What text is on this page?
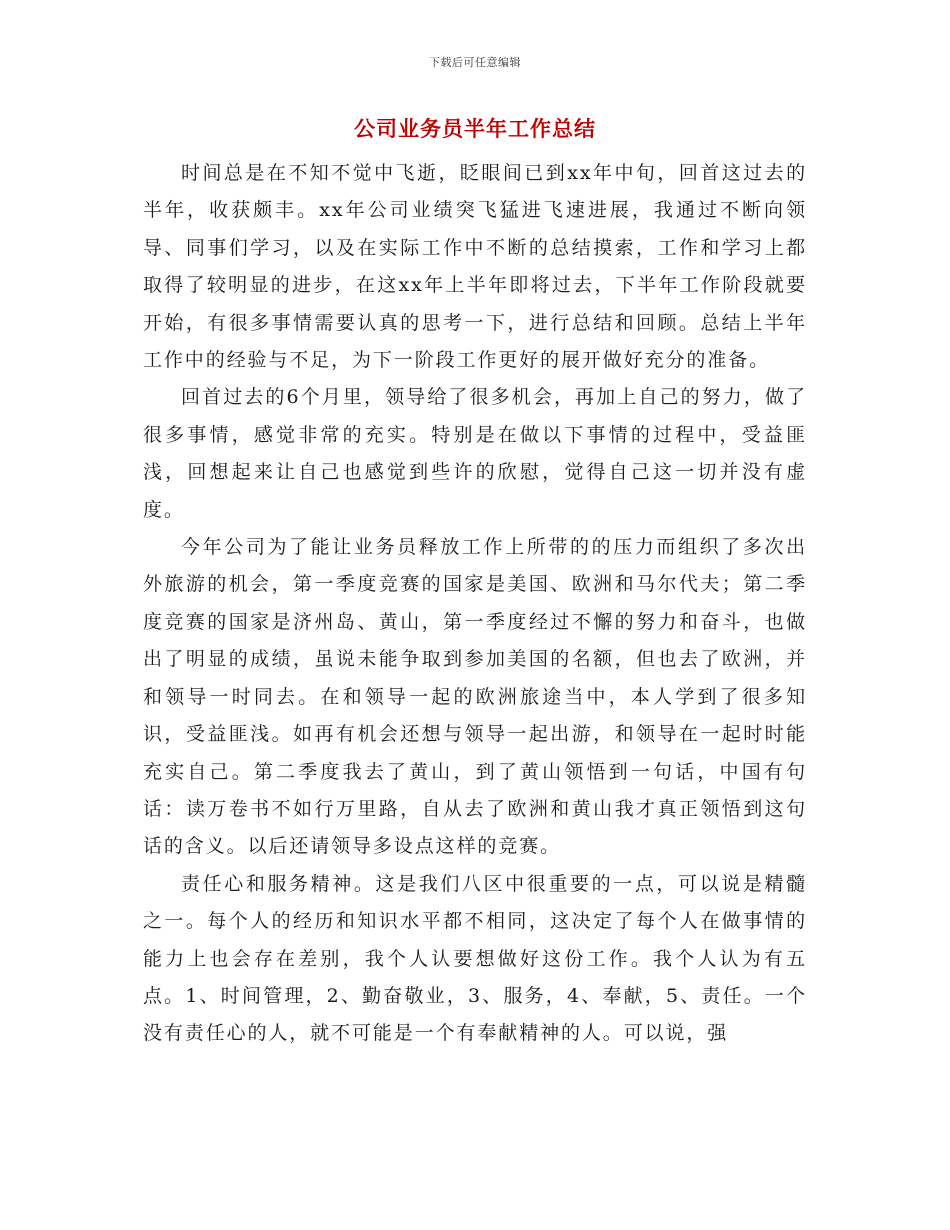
下载后可任意编辑
公司业务员半年工作总结

时间总是在不知不觉中飞逝，眨眼间已到xx年中旬，回首这过去的半年，收获颇丰。xx年公司业绩突飞猛进飞速进展，我通过不断向领导、同事们学习，以及在实际工作中不断的总结摸索，工作和学习上都取得了较明显的进步，在这xx年上半年即将过去，下半年工作阶段就要开始，有很多事情需要认真的思考一下，进行总结和回顾。总结上半年工作中的经验与不足，为下一阶段工作更好的展开做好充分的准备。

回首过去的6个月里，领导给了很多机会，再加上自己的努力，做了很多事情，感觉非常的充实。特别是在做以下事情的过程中，受益匪浅，回想起来让自己也感觉到些许的欣慰，觉得自己这一切并没有虚度。

今年公司为了能让业务员释放工作上所带的的压力而组织了多次出外旅游的机会，第一季度竞赛的国家是美国、欧洲和马尔代夫；第二季度竞赛的国家是济州岛、黄山，第一季度经过不懈的努力和奋斗，也做出了明显的成绩，虽说未能争取到参加美国的名额，但也去了欧洲，并和领导一时同去。在和领导一起的欧洲旅途当中，本人学到了很多知识，受益匪浅。如再有机会还想与领导一起出游，和领导在一起时时能充实自己。第二季度我去了黄山，到了黄山领悟到一句话，中国有句话：读万卷书不如行万里路，自从去了欧洲和黄山我才真正领悟到这句话的含义。以后还请领导多设点这样的竞赛。

责任心和服务精神。这是我们八区中很重要的一点，可以说是精髓之一。每个人的经历和知识水平都不相同，这决定了每个人在做事情的能力上也会存在差别，我个人认要想做好这份工作。我个人认为有五点。1、时间管理，2、勤奋敬业，3、服务，4、奉献，5、责任。一个没有责任心的人，就不可能是一个有奉献精神的人。可以说，强
